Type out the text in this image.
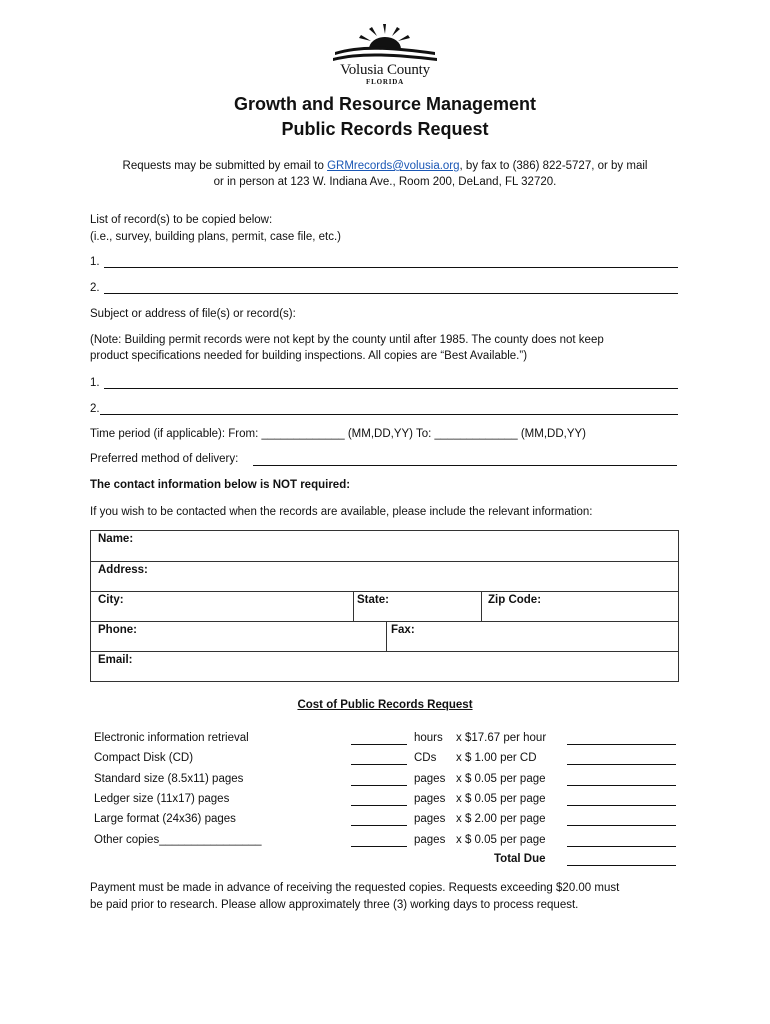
Volusia County
FLORIDA
Growth and Resource Management
Public Records Request
Requests may be submitted by email to GRMrecords@volusia.org, by fax to (386) 822-5727, or by mail
or in person at 123 W. Indiana Ave., Room 200, DeLand, FL 32720.
List of record(s) to be copied below:
(i.e., survey, building plans, permit, case file, etc.)
1.
2.
Subject or address of file(s) or record(s):
(Note: Building permit records were not kept by the county until after 1985. The county does not keep
product specifications needed for building inspections. All copies are “Best Available.”)
1.
2.
Time period (if applicable): From: _____________ (MM,DD,YY) To: _____________ (MM,DD,YY)
Preferred method of delivery:
The contact information below is NOT required:
If you wish to be contacted when the records are available, please include the relevant information:
Name:
Address:
City:	State:	Zip Code:
Phone:	Fax:
Email:
Cost of Public Records Request
Electronic information retrieval	hours x $17.67 per hour
Compact Disk (CD)	CDs x $ 1.00 per CD
Standard size (8.5x11) pages	pages x $ 0.05 per page
Ledger size (11x17) pages	pages x $ 0.05 per page
Large format (24x36) pages	pages x $ 2.00 per page
Other copies________________	pages x $ 0.05 per page
Total Due
Payment must be made in advance of receiving the requested copies. Requests exceeding $20.00 must
be paid prior to research. Please allow approximately three (3) working days to process request.
